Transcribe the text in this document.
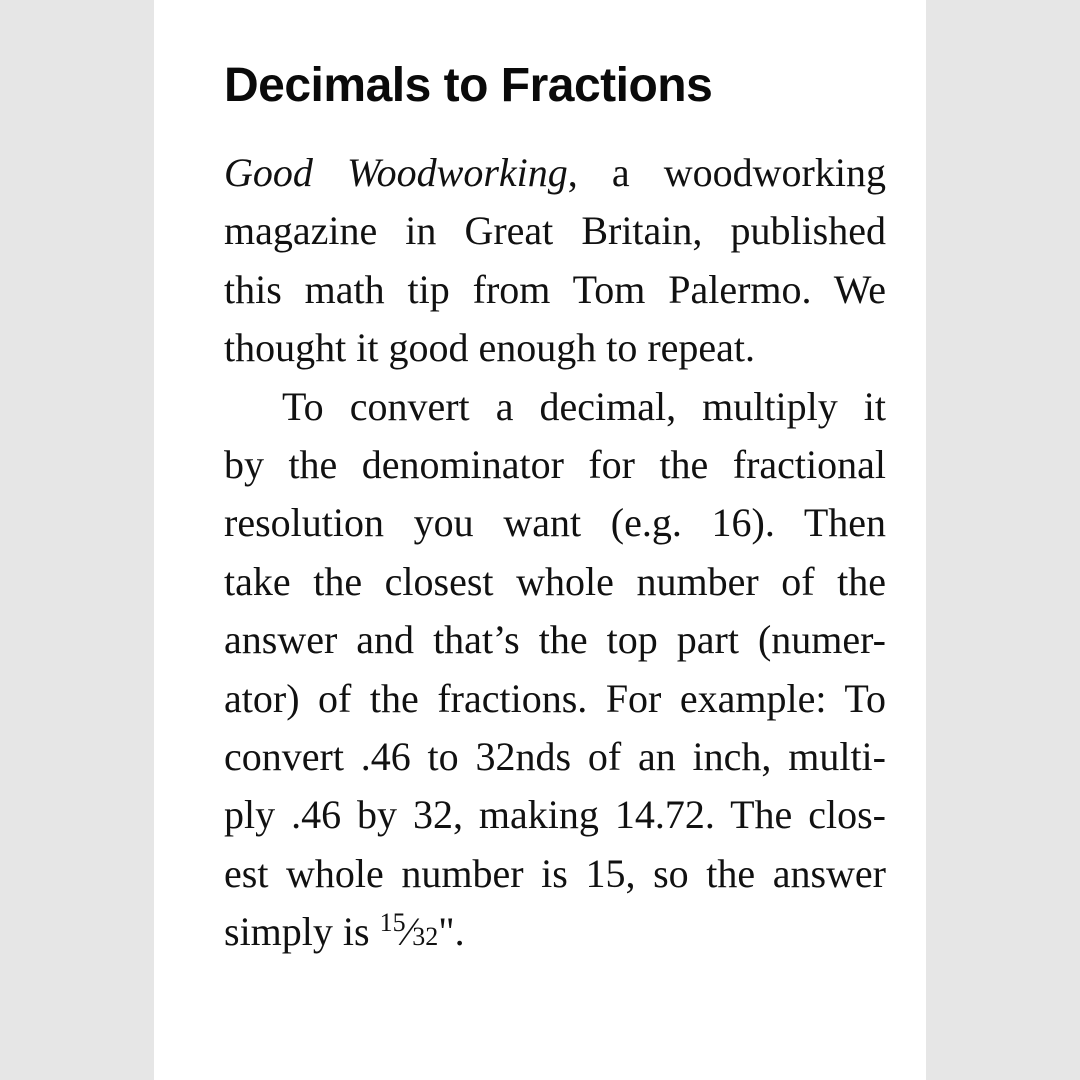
Decimals to Fractions
Good Woodworking, a woodworking
magazine in Great Britain, published
this math tip from Tom Palermo. We
thought it good enough to repeat.
To convert a decimal, multiply it
by the denominator for the fractional
resolution you want (e.g. 16). Then
take the closest whole number of the
answer and that’s the top part (numer-
ator) of the fractions. For example: To
convert .46 to 32nds of an inch, multi-
ply .46 by 32, making 14.72. The clos-
est whole number is 15, so the answer
simply is $^{15}$⁄32".
